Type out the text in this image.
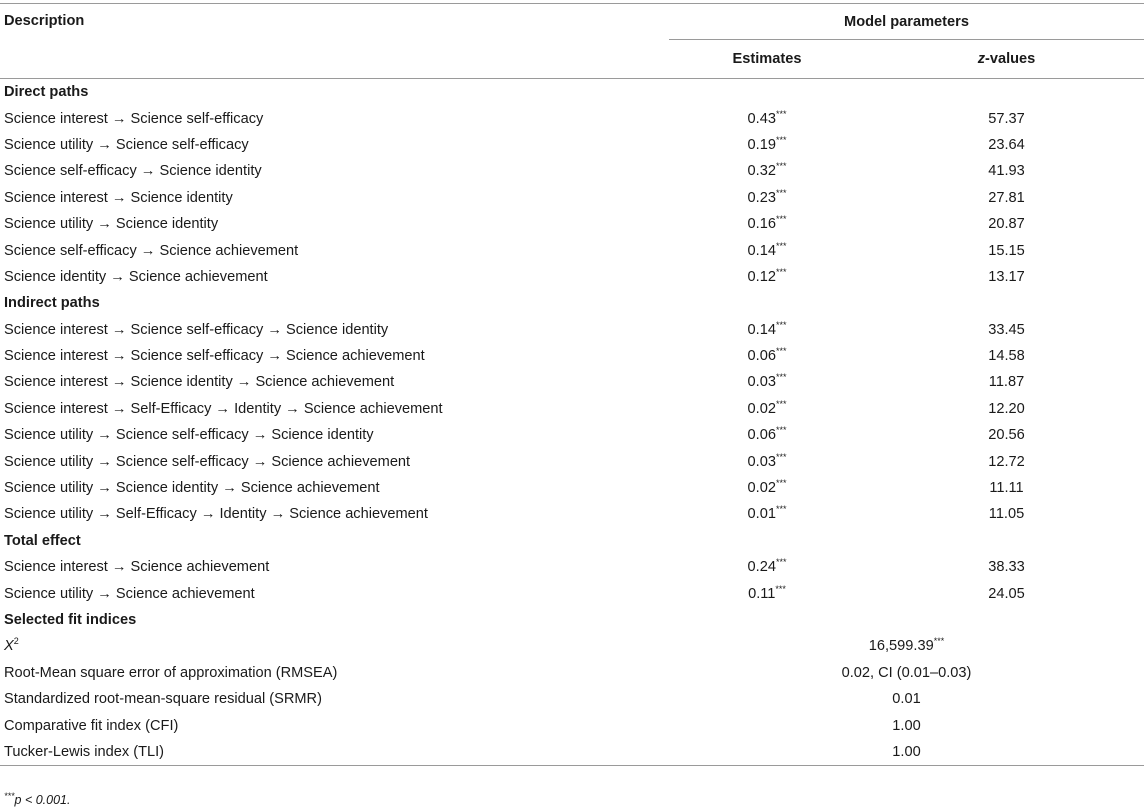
Description	Model parameters	
	Estimates	z-values
Direct paths		
Science interest → Science self-efficacy	0.43***	57.37
Science utility → Science self-efficacy	0.19***	23.64
Science self-efficacy → Science identity	0.32***	41.93
Science interest → Science identity	0.23***	27.81
Science utility → Science identity	0.16***	20.87
Science self-efficacy → Science achievement	0.14***	15.15
Science identity → Science achievement	0.12***	13.17
Indirect paths		
Science interest → Science self-efficacy → Science identity	0.14***	33.45
Science interest → Science self-efficacy → Science achievement	0.06***	14.58
Science interest → Science identity → Science achievement	0.03***	11.87
Science interest → Self-Efficacy → Identity → Science achievement	0.02***	12.20
Science utility → Science self-efficacy → Science identity	0.06***	20.56
Science utility → Science self-efficacy → Science achievement	0.03***	12.72
Science utility → Science identity → Science achievement	0.02***	11.11
Science utility → Self-Efficacy → Identity → Science achievement	0.01***	11.05
Total effect		
Science interest → Science achievement	0.24***	38.33
Science utility → Science achievement	0.11***	24.05
Selected fit indices		
$X^2$	16,599.39***
Root-Mean square error of approximation (RMSEA)	0.02, CI (0.01–0.03)	
Standardized root-mean-square residual (SRMR)	0.01	
Comparative fit index (CFI)	1.00	
Tucker-Lewis index (TLI)	1.00	
***p < 0.001.
